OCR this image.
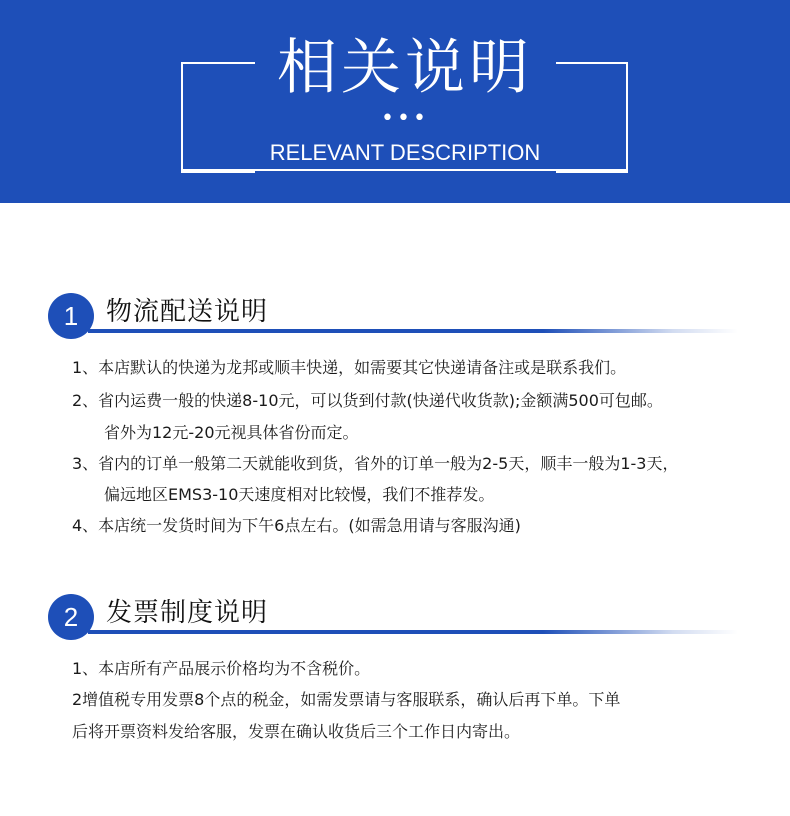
相关说明
•••
RELEVANT DESCRIPTION
1	物流配送说明
1、本店默认的快递为龙邦或顺丰快递，如需要其它快递请备注或是联系我们。
2、省内运费一般的快递8-10元，可以货到付款(快递代收货款);金额满500可包邮。
省外为12元-20元视具体省份而定。
3、省内的订单一般第二天就能收到货，省外的订单一般为2-5天，顺丰一般为1-3天，
偏远地区EMS3-10天速度相对比较慢，我们不推荐发。
4、本店统一发货时间为下午6点左右。(如需急用请与客服沟通)
2	发票制度说明
1、本店所有产品展示价格均为不含税价。
2增值税专用发票8个点的税金，如需发票请与客服联系，确认后再下单。下单
后将开票资料发给客服，发票在确认收货后三个工作日内寄出。
